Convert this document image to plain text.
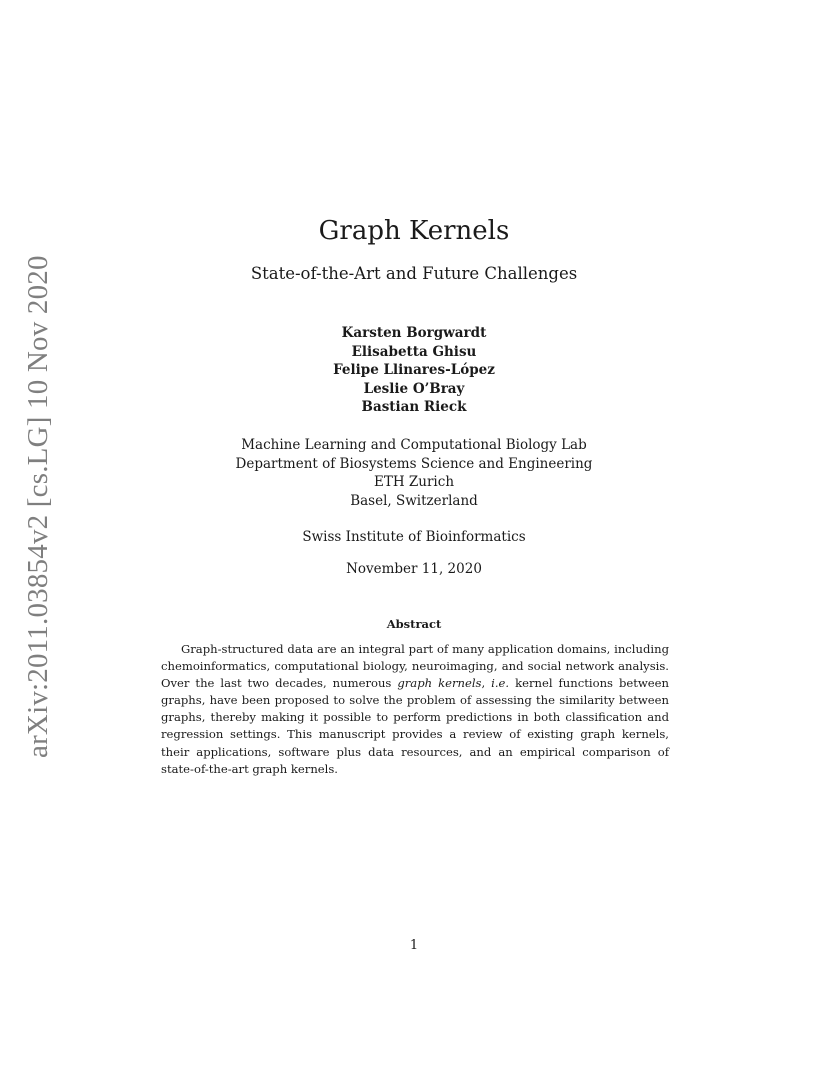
arXiv:2011.03854v2 [cs.LG] 10 Nov 2020
Graph Kernels
State-of-the-Art and Future Challenges
Karsten Borgwardt
Elisabetta Ghisu
Felipe Llinares-López
Leslie O’Bray
Bastian Rieck
Machine Learning and Computational Biology Lab
Department of Biosystems Science and Engineering
ETH Zurich
Basel, Switzerland
Swiss Institute of Bioinformatics
November 11, 2020
Abstract

Graph-structured data are an integral part of many application domains, including chemoinformatics, computational biology, neuroimaging, and social network analysis. Over the last two decades, numerous graph kernels, i.e. kernel functions between graphs, have been proposed to solve the problem of assessing the similarity between graphs, thereby making it possible to perform predictions in both classification and regression settings. This manuscript provides a review of existing graph kernels, their applications, software plus data resources, and an empirical comparison of state-of-the-art graph kernels.

1
